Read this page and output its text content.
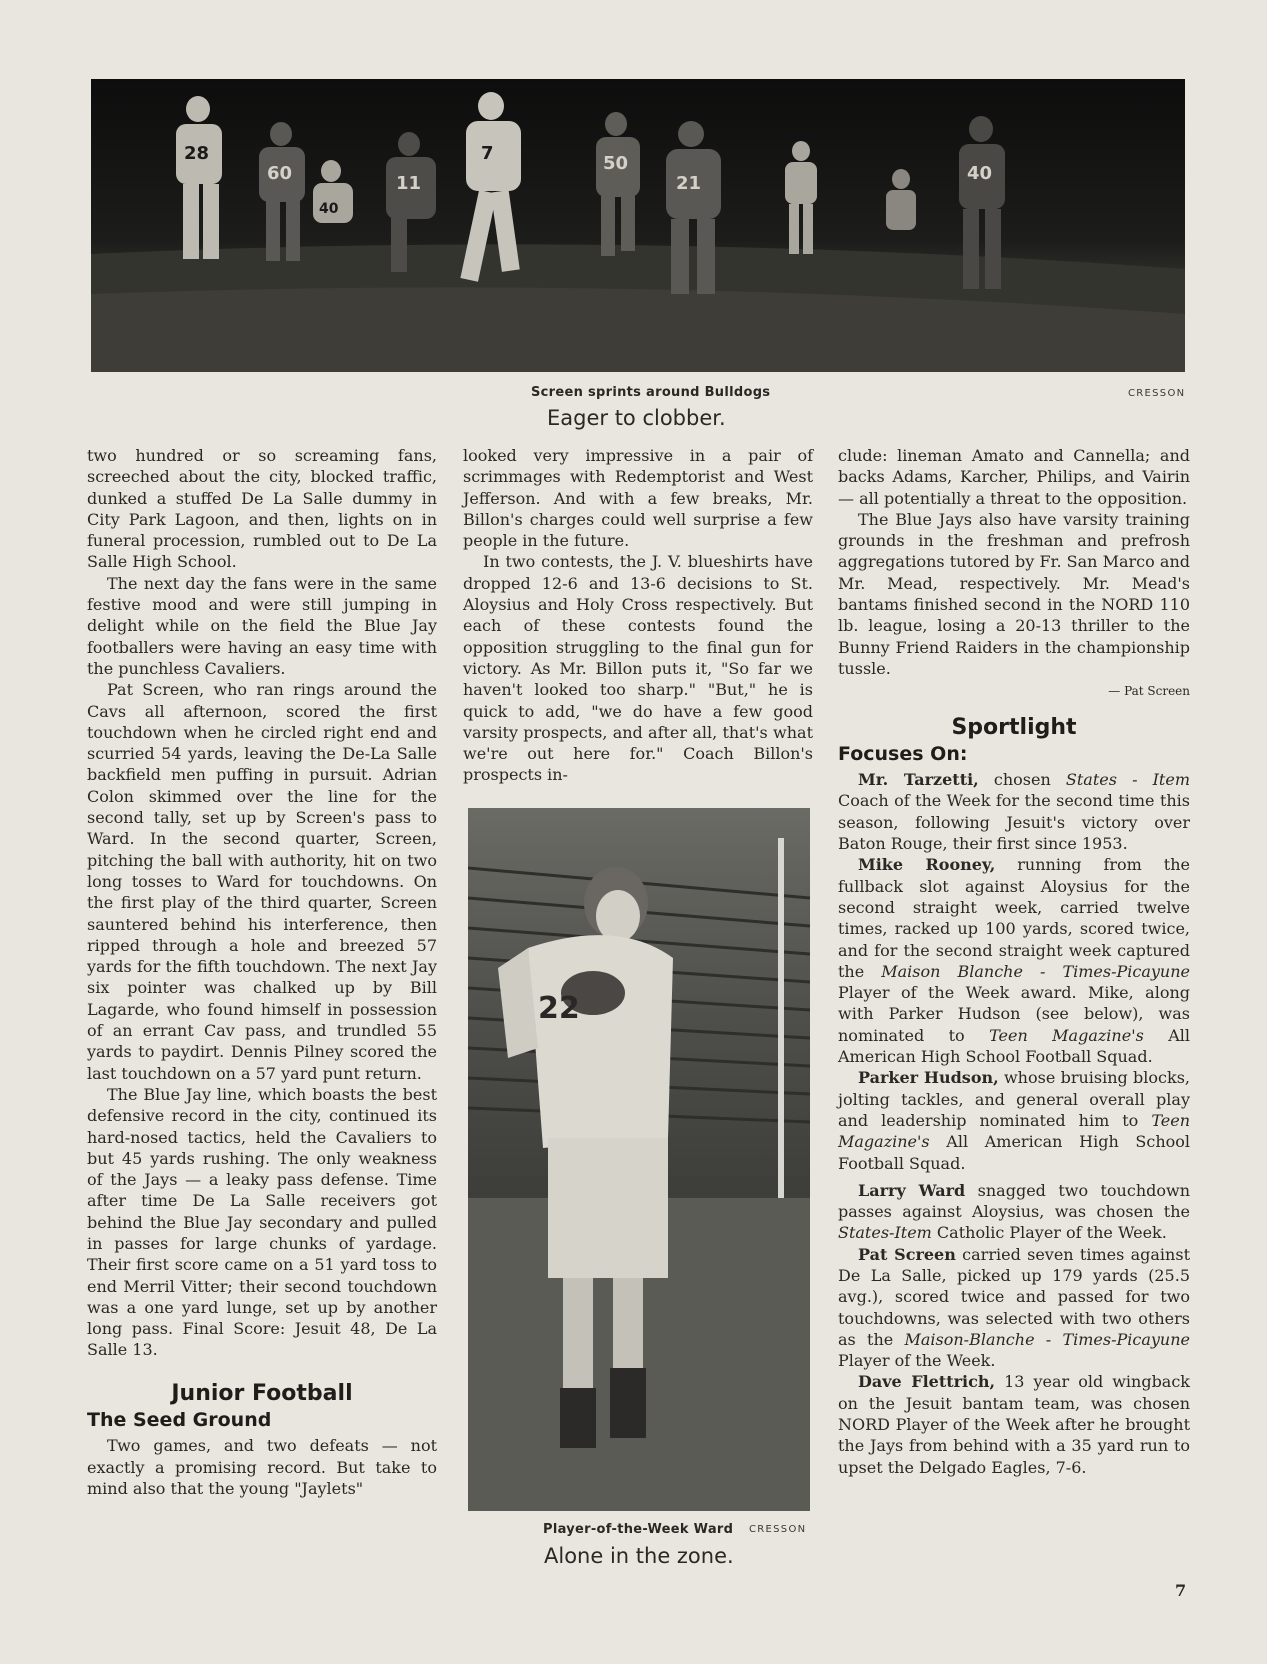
28
40
7
60	11
50
21	40
Screen sprints around Bulldogs	CRESSON
Eager to clobber.

two hundred or so screaming fans, screeched about the city, blocked traffic, dunked a stuffed De La Salle dummy in City Park Lagoon, and then, lights on in funeral procession, rumbled out to De La Salle High School.

The next day the fans were in the same festive mood and were still jumping in delight while on the field the Blue Jay footballers were having an easy time with the punchless Cavaliers.

Pat Screen, who ran rings around the Cavs all afternoon, scored the first touchdown when he circled right end and scurried 54 yards, leaving the De-La Salle backfield men puffing in pursuit. Adrian Colon skimmed over the line for the second tally, set up by Screen's pass to Ward. In the second quarter, Screen, pitching the ball with authority, hit on two long tosses to Ward for touchdowns. On the first play of the third quarter, Screen sauntered behind his interference, then ripped through a hole and breezed 57 yards for the fifth touchdown. The next Jay six pointer was chalked up by Bill Lagarde, who found himself in possession of an errant Cav pass, and trundled 55 yards to paydirt. Dennis Pilney scored the last touchdown on a 57 yard punt return.

The Blue Jay line, which boasts the best defensive record in the city, continued its hard-nosed tactics, held the Cavaliers to but 45 yards rushing. The only weakness of the Jays — a leaky pass defense. Time after time De La Salle receivers got behind the Blue Jay secondary and pulled in passes for large chunks of yardage. Their first score came on a 51 yard toss to end Merril Vitter; their second touchdown was a one yard lunge, set up by another long pass. Final Score: Jesuit 48, De La Salle 13.

Junior Football
The Seed Ground

Two games, and two defeats — not exactly a promising record. But take to mind also that the young "Jaylets"

looked very impressive in a pair of scrimmages with Redemptorist and West Jefferson. And with a few breaks, Mr. Billon's charges could well surprise a few people in the future.

In two contests, the J. V. blueshirts have dropped 12-6 and 13-6 decisions to St. Aloysius and Holy Cross respectively. But each of these contests found the opposition struggling to the final gun for victory. As Mr. Billon puts it, "So far we haven't looked too sharp." "But," he is quick to add, "we do have a few good varsity prospects, and after all, that's what we're out here for." Coach Billon's prospects in-

22
Player-of-the-Week Ward CRESSON
Alone in the zone.

clude: lineman Amato and Cannella; and backs Adams, Karcher, Philips, and Vairin — all potentially a threat to the opposition.

The Blue Jays also have varsity training grounds in the freshman and prefrosh aggregations tutored by Fr. San Marco and Mr. Mead, respectively. Mr. Mead's bantams finished second in the NORD 110 lb. league, losing a 20-13 thriller to the Bunny Friend Raiders in the championship tussle.

— Pat Screen
Sportlight
Focuses On:

Mr. Tarzetti, chosen States - Item Coach of the Week for the second time this season, following Jesuit's victory over Baton Rouge, their first since 1953.

Mike Rooney, running from the fullback slot against Aloysius for the second straight week, carried twelve times, racked up 100 yards, scored twice, and for the second straight week captured the Maison Blanche - Times-Picayune Player of the Week award. Mike, along with Parker Hudson (see below), was nominated to Teen Magazine's All American High School Football Squad.

Parker Hudson, whose bruising blocks, jolting tackles, and general overall play and leadership nominated him to Teen Magazine's All American High School Football Squad.

Larry Ward snagged two touchdown passes against Aloysius, was chosen the States-Item Catholic Player of the Week.

Pat Screen carried seven times against De La Salle, picked up 179 yards (25.5 avg.), scored twice and passed for two touchdowns, was selected with two others as the Maison-Blanche - Times-Picayune Player of the Week.

Dave Flettrich, 13 year old wingback on the Jesuit bantam team, was chosen NORD Player of the Week after he brought the Jays from behind with a 35 yard run to upset the Delgado Eagles, 7-6.

7
